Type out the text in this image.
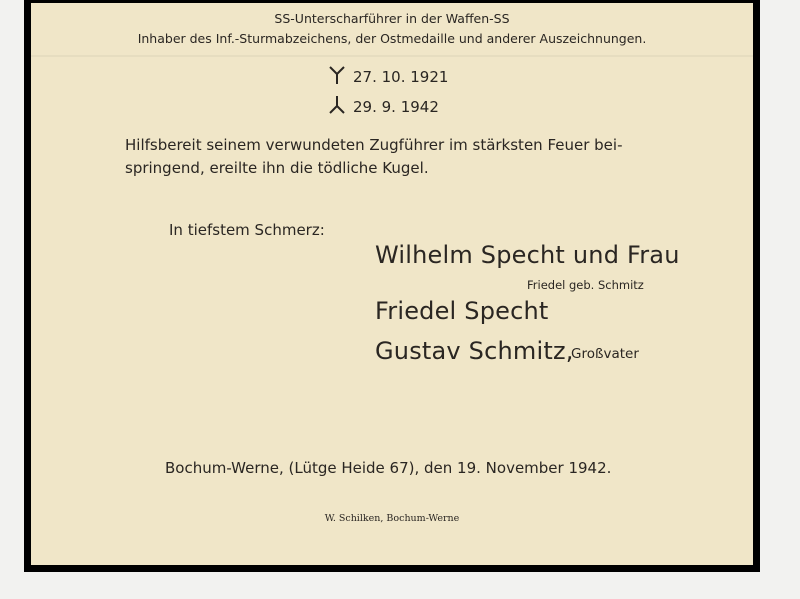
SS-Unterscharführer in der Waffen-SS
Inhaber des Inf.-Sturmabzeichens, der Ostmedaille und anderer Auszeichnungen.
27. 10. 1921
29. 9. 1942
Hilfsbereit seinem verwundeten Zugführer im stärksten Feuer bei-
springend, ereilte ihn die tödliche Kugel.
In tiefstem Schmerz:
Wilhelm Specht und Frau
Friedel geb. Schmitz
Friedel Specht
Gustav Schmitz,
Großvater
Bochum-Werne, (Lütge Heide 67), den 19. November 1942.
W. Schilken, Bochum-Werne
